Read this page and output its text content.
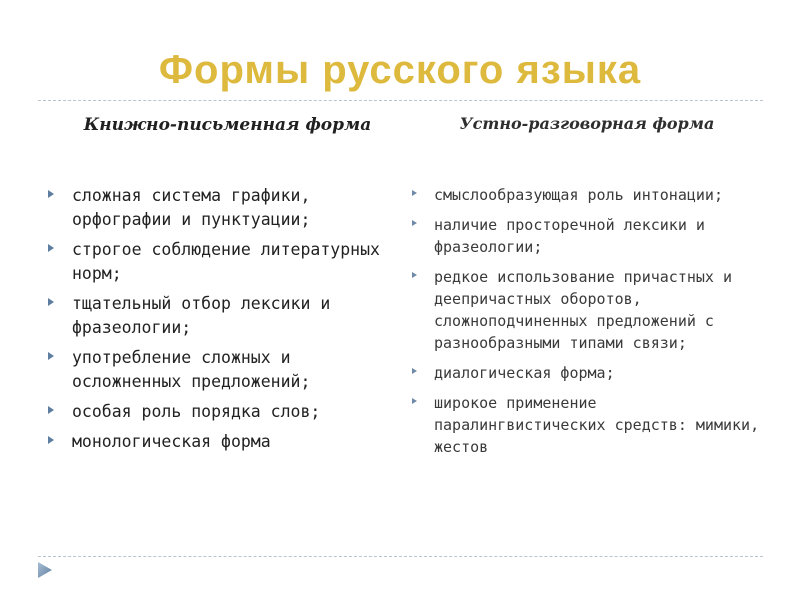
Формы русского языка
Книжно-письменная форма
сложная система графики, орфографии и пунктуации;
строгое соблюдение литературных норм;
тщательный отбор лексики и фразеологии;
употребление сложных и осложненных предложений;
особая роль порядка слов;
монологическая форма
Устно-разговорная форма
смыслообразующая роль интонации;
наличие просторечной лексики и фразеологии;
редкое использование причастных и деепричастных оборотов, сложноподчиненных предложений с разнообразными типами связи;
диалогическая форма;
широкое применение паралингвистических средств: мимики, жестов
